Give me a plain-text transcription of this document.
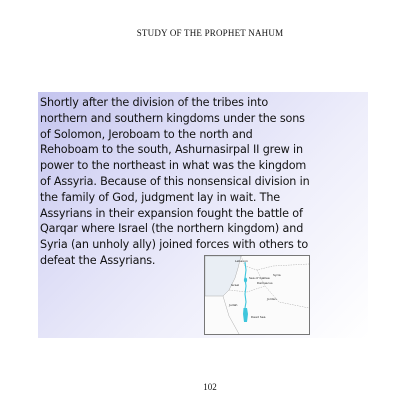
STUDY OF THE PROPHET NAHUM

Shortly after the division of the tribes into
northern and southern kingdoms under the sons
of Solomon, Jeroboam to the north and
Rehoboam to the south, Ashurnasirpal II grew in
power to the northeast in what was the kingdom
of Assyria. Because of this nonsensical division in
the family of God, judgment lay in wait. The
Assyrians in their expansion fought the battle of
Qarqar where Israel (the northern kingdom) and
Syria (an unholy ally) joined forces with others to
defeat the Assyrians.	Lebanon
Syria
Damascus
Israel
Sea of Galilee
Jordan
Judah
Dead Sea
102
